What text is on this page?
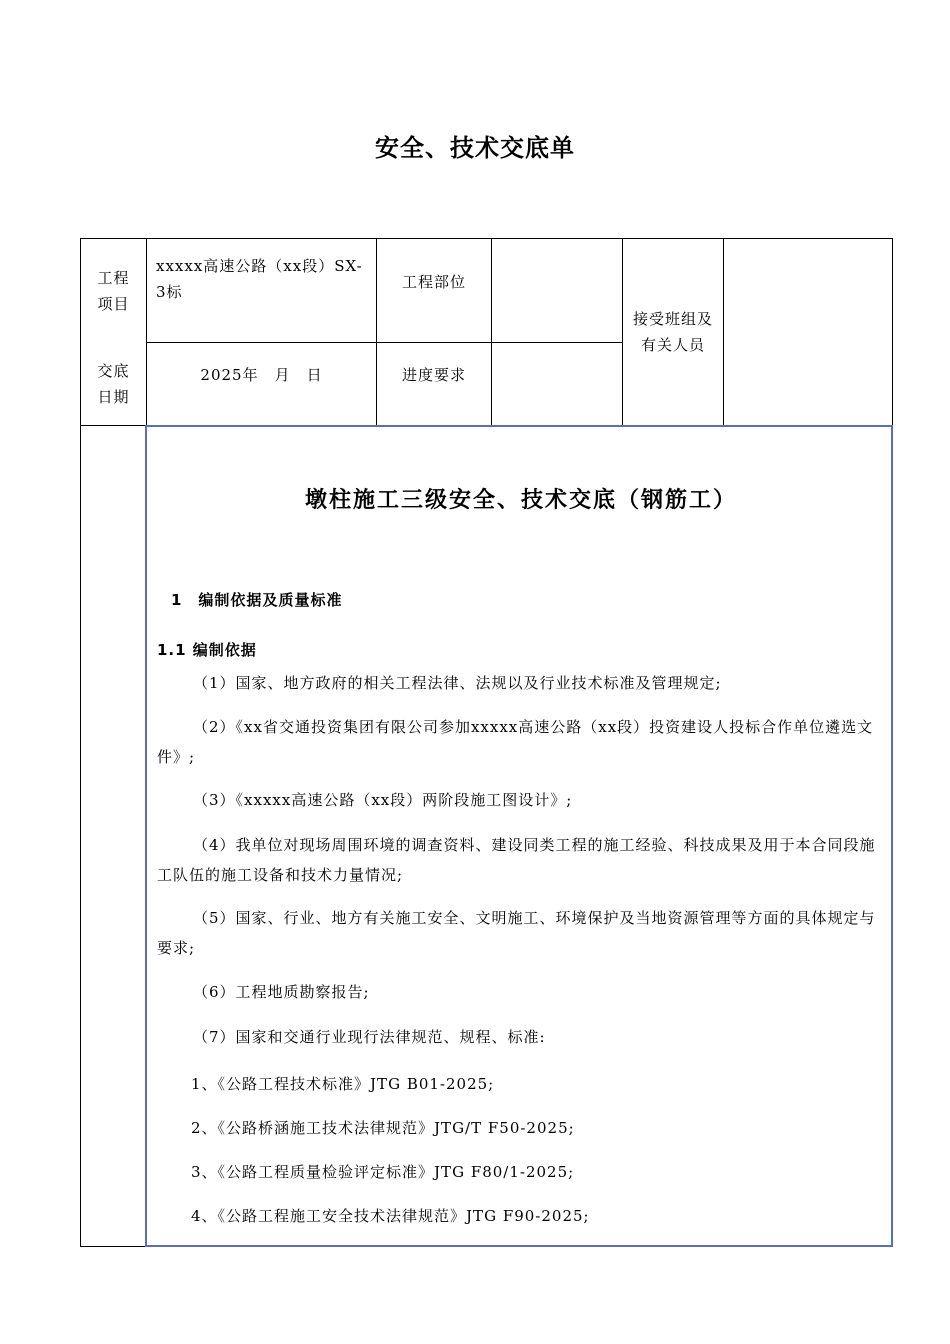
安全、技术交底单
工程
项目
xxxxx高速公路（xx段）SX-3标
工程部位
接受班组及
有关人员
交底
日期
2025年　月　日	进度要求
墩柱施工三级安全、技术交底（钢筋工）
1　编制依据及质量标准
1.1 编制依据
（1）国家、地方政府的相关工程法律、法规以及行业技术标准及管理规定;
（2）《xx省交通投资集团有限公司参加xxxxx高速公路（xx段）投资建设人投标合作单位遴选文件》;
（3）《xxxxx高速公路（xx段）两阶段施工图设计》;
（4）我单位对现场周围环境的调查资料、建设同类工程的施工经验、科技成果及用于本合同段施工队伍的施工设备和技术力量情况;
（5）国家、行业、地方有关施工安全、文明施工、环境保护及当地资源管理等方面的具体规定与要求;
（6）工程地质勘察报告;
（7）国家和交通行业现行法律规范、规程、标准:
1、《公路工程技术标准》JTG B01-2025;
2、《公路桥涵施工技术法律规范》JTG/T F50-2025;
3、《公路工程质量检验评定标准》JTG F80/1-2025;
4、《公路工程施工安全技术法律规范》JTG F90-2025;
